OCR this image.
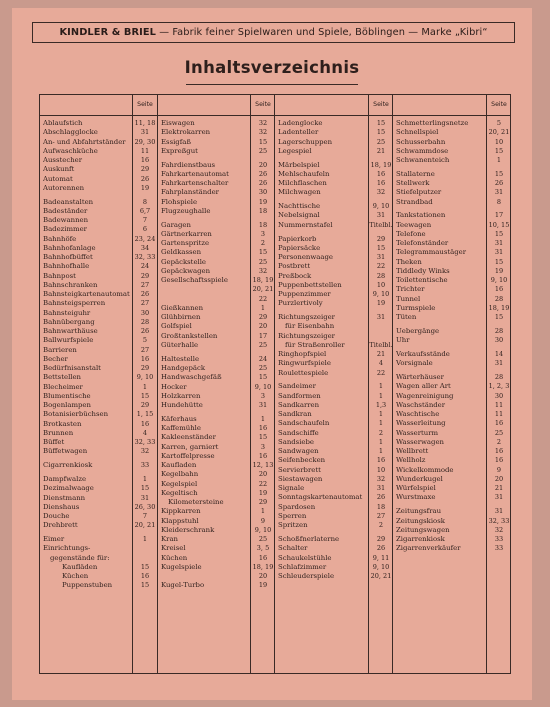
KINDLER & BRIEL — Fabrik feiner Spielwaren und Spiele, Böblingen — Marke „Kibri“
Inhaltsverzeichnis
Seite
Ablaufstich	11, 18
Abschlagglocke	31
An- und Abfahrtständer	29, 30
Aufwaschküche	11
Ausstecher	16
Auskunft	29
Automat	26
Autorennen	19
Badeanstalten	8
Badeständer	6,7
Badewannen	7
Badezimmer	6
Bahnhöfe	23, 24
Bahnhofanlage	34
Bahnhofbüffet	32, 33
Bahnhofhalle	24
Bahnpost	29
Bahnschranken	27
Bahnsteigkartenautomat	26
Bahnsteigsperren	27
Bahnsteiguhr	30
Bahnübergang	28
Bahnwarthäuse	26
Ballwurfspiele	5
Barrieren	27
Becher	16
Bedürfnisanstalt	29
Bettstellen	9, 10
Blecheimer	1
Blumentische	15
Bogenlampen	29
Botanisierbüchsen	1, 15
Brotkasten	16
Brunnen	4
Büffet	32, 33
Büffetwagen	32
Cigarrenkiosk	33
Dampfwalze	1
Dezimalwaage	15
Dienstmann	31
Dienshaus	26, 30
Douche	7
Drehbrett	20, 21
Eimer	1
Einrichtungs-
gegenstände für:
Kaufläden	15
Küchen	16
Puppenstuben	15
Seite
Eiswagen	32
Elektrokarren	32
Essigfaß	15
Expreßgut	25
Fahrdienstbaus	20
Fahrkartenautomat	26
Fahrkartenschalter	26
Fahrplanständer	30
Flohspiele	19
Flugzeughalle	18
Garagen	18
Gärtnerkarren	3
Gartenspritze	2
Geldkassen	15
Gepäckstelle	25
Gepäckwagen	32
Gesellschaftsspiele	18, 19
20, 21
22
Gießkannen	1
Glühbirnen	29
Golfspiel	20
Großtankstellen	17
Güterhalle	25
Haltestelle	24
Handgepäck	25
Handwaschgefäß	15
Hocker	9, 10
Holzkarren	3
Hundehütte	31
Käferhaus	1
Kaffemühle	16
Kakleenständer	15
Karren, garniert	3
Kartoffelpresse	16
Kaufladen	12, 13
Kegelbahn	20
Kegelspiel	22
Kegeltisch	19
Kilometersteine	29
Kippkarren	1
Klappstuhl	9
Kleiderschrank	9, 10
Kran	25
Kreisel	3, 5
Küchen	16
Kugelspiele	18, 19
20
Kugel-Turbo	19
Seite
Ladenglocke	15
Ladenteller	15
Lagerschuppen	25
Legespiel	21
Märbelspiel	18, 19
Mehlschaufeln	16
Milchflaschen	16
Milchwagen	32
Nachttische	9, 10
Nebelsignal	31
Nummernstafel	Titelbl.
Papierkorb	29
Papiersäcke	15
Personenwaage	31
Postbrett	22
Preßbock	28
Puppenbettstellen	10
Puppenzimmer	9, 10
Purzlertivoly	19
Richtungszeiger	31
für Eisenbahn
Richtungszeiger
für Straßenroller	Titelbl.
Ringhopfspiel	21
Ringwurfspiele	4
Roulettespiele	22
Sandeimer	1
Sandformen	1
Sandkarren	1,3
Sandkran	1
Sandschaufeln	1
Sandschiffe	2
Sandsiebe	1
Sandwagen	1
Seifenbecken	16
Servierbrett	10
Siestawagen	32
Signale	31
Sonntagskartenautomat	26
Spardosen	18
Sperren	27
Spritzen	2
Schoßfnerlaterne	29
Schalter	26
Schaukelstühle	9, 11
Schlafzimmer	9, 10
Schleuderspiele	20, 21
Seite
Schmetterlingsnetze	5
Schnellspiel	20, 21
Schusserbahn	10
Schwammdose	15
Schwanenteich	1
Stallaterne	15
Stellwerk	26
Stiefelputzer	31
Strandbad	8
Tankstationen	17
Teewagen	10, 15
Telefone	15
Telefonständer	31
Telegrammaustäger	31
Theken	15
Tiddledy Winks	19
Toilettentische	9, 10
Trichter	16
Tunnel	28
Turmspiele	18, 19
Tüten	15
Uebergänge	28
Uhr	30
Verkaufsstände	14
Vorsignale	31
Wärterhäuser	28
Wagen aller Art	1, 2, 3
Wagenreinigung	30
Waschständer	11
Waschtische	11
Wasserleitung	16
Wasserturm	25
Wasserwagen	2
Wellbrett	16
Wellholz	16
Wickelkommode	9
Wunderkugel	20
Würfelspiel	21
Wurstmaxe	31
Zeitungsfrau	31
Zeitungskiosk	32, 33
Zeitungswagen	32
Zigarrenkiosk	33
Zigarrenverkäufer	33
